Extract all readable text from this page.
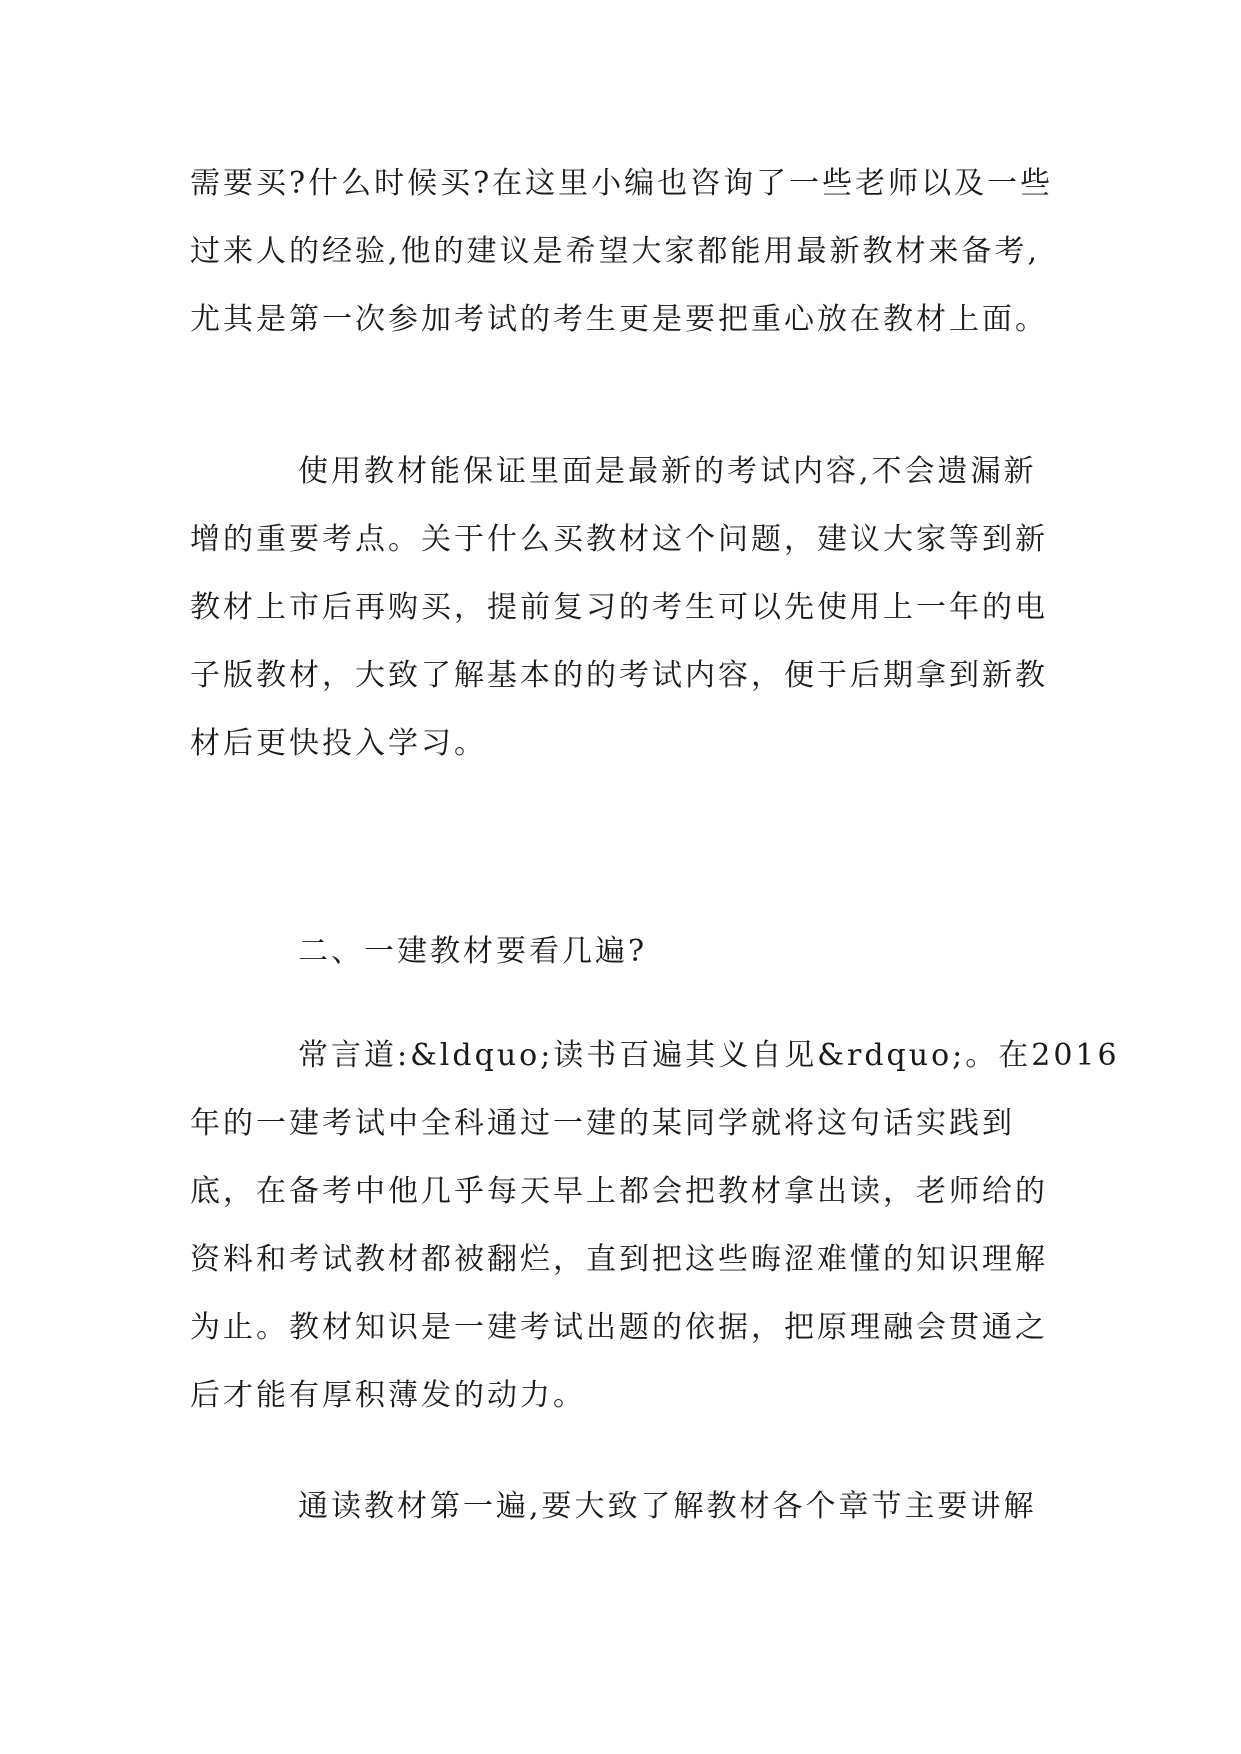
需要买?什么时候买?在这里小编也咨询了一些老师以及一些
过来人的经验,他的建议是希望大家都能用最新教材来备考,
尤其是第一次参加考试的考生更是要把重心放在教材上面。
使用教材能保证里面是最新的考试内容,不会遗漏新
增的重要考点。关于什么买教材这个问题，建议大家等到新
教材上市后再购买，提前复习的考生可以先使用上一年的电
子版教材，大致了解基本的的考试内容，便于后期拿到新教
材后更快投入学习。
二、一建教材要看几遍?
常言道:&ldquo;读书百遍其义自见&rdquo;。在2016
年的一建考试中全科通过一建的某同学就将这句话实践到
底，在备考中他几乎每天早上都会把教材拿出读，老师给的
资料和考试教材都被翻烂，直到把这些晦涩难懂的知识理解
为止。教材知识是一建考试出题的依据，把原理融会贯通之
后才能有厚积薄发的动力。
通读教材第一遍,要大致了解教材各个章节主要讲解
